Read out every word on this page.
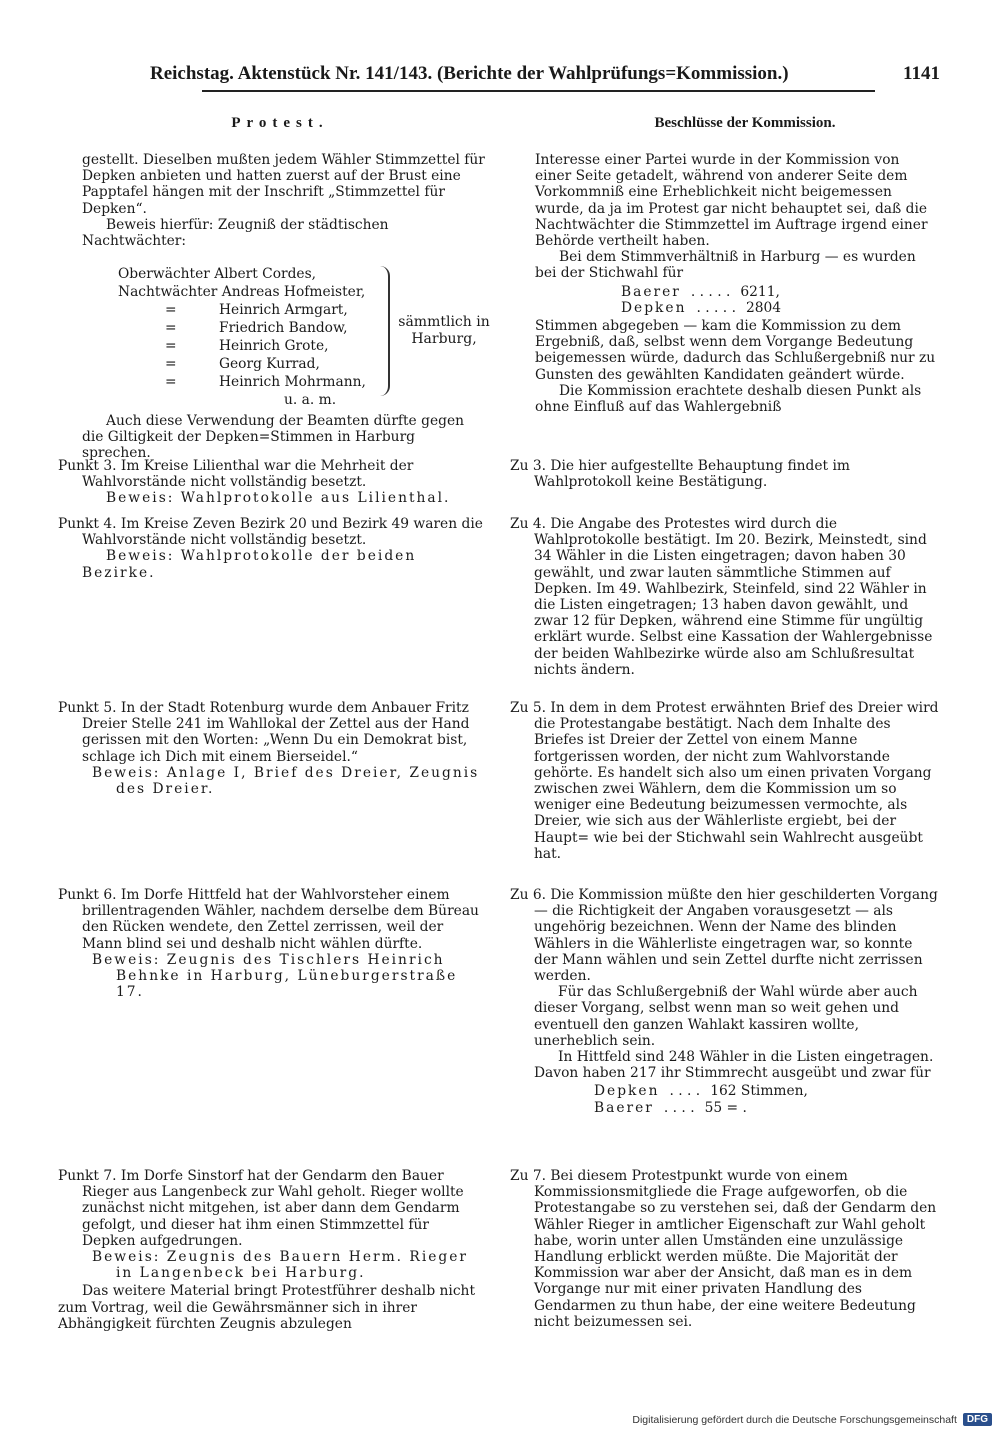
Reichstag. Aktenstück Nr. 141/143. (Berichte der Wahlprüfungs=Kommission.)	1141
Protest.	Beschlüsse der Kommission.

gestellt. Dieselben mußten jedem Wähler Stimmzettel für Depken anbieten und hatten zuerst auf der Brust eine Papptafel hängen mit der Inschrift „Stimmzettel für Depken“.

Beweis hierfür: Zeugniß der städtischen Nachtwächter:

Oberwächter Albert Cordes,
Nachtwächter Andreas Hofmeister,
=	Heinrich Armgart,
=	Friedrich Bandow,
=	Heinrich Grote,
=	Georg Kurrad,
=	Heinrich Mohrmann,
u. a. m.
sämmtlich in Harburg,

Auch diese Verwendung der Beamten dürfte gegen die Giltigkeit der Depken=Stimmen in Harburg sprechen.

Punkt 3. Im Kreise Lilienthal war die Mehrheit der Wahlvorstände nicht vollständig besetzt.

Beweis: Wahlprotokolle aus Lilienthal.

Punkt 4. Im Kreise Zeven Bezirk 20 und Bezirk 49 waren die Wahlvorstände nicht vollständig besetzt.

Beweis: Wahlprotokolle der beiden Bezirke.

Punkt 5. In der Stadt Rotenburg wurde dem Anbauer Fritz Dreier Stelle 241 im Wahllokal der Zettel aus der Hand gerissen mit den Worten: „Wenn Du ein Demokrat bist, schlage ich Dich mit einem Bierseidel.“

Beweis: Anlage I, Brief des Dreier, Zeugnis des Dreier.

Punkt 6. Im Dorfe Hittfeld hat der Wahlvorsteher einem brillentragenden Wähler, nachdem derselbe dem Büreau den Rücken wendete, den Zettel zerrissen, weil der Mann blind sei und deshalb nicht wählen dürfte.

Beweis: Zeugnis des Tischlers Heinrich Behnke in Harburg, Lüneburgerstraße 17.

Punkt 7. Im Dorfe Sinstorf hat der Gendarm den Bauer Rieger aus Langenbeck zur Wahl geholt. Rieger wollte zunächst nicht mitgehen, ist aber dann dem Gendarm gefolgt, und dieser hat ihm einen Stimmzettel für Depken aufgedrungen.

Beweis: Zeugnis des Bauern Herm. Rieger in Langenbeck bei Harburg.

Das weitere Material bringt Protestführer deshalb nicht zum Vortrag, weil die Gewährsmänner sich in ihrer Abhängigkeit fürchten Zeugnis abzulegen

Interesse einer Partei wurde in der Kommission von einer Seite getadelt, während von anderer Seite dem Vorkommniß eine Erheblichkeit nicht beigemessen wurde, da ja im Protest gar nicht behauptet sei, daß die Nachtwächter die Stimmzettel im Auftrage irgend einer Behörde vertheilt haben.

Bei dem Stimmverhältniß in Harburg — es wurden bei der Stichwahl für

Baerer . . . . . 6211,
Depken . . . . . 2804

Stimmen abgegeben — kam die Kommission zu dem Ergebniß, daß, selbst wenn dem Vorgange Bedeutung beigemessen würde, dadurch das Schlußergebniß nur zu Gunsten des gewählten Kandidaten geändert würde.

Die Kommission erachtete deshalb diesen Punkt als ohne Einfluß auf das Wahlergebniß

Zu 3. Die hier aufgestellte Behauptung findet im Wahlprotokoll keine Bestätigung.

Zu 4. Die Angabe des Protestes wird durch die Wahlprotokolle bestätigt. Im 20. Bezirk, Meinstedt, sind 34 Wähler in die Listen eingetragen; davon haben 30 gewählt, und zwar lauten sämmtliche Stimmen auf Depken. Im 49. Wahlbezirk, Steinfeld, sind 22 Wähler in die Listen eingetragen; 13 haben davon gewählt, und zwar 12 für Depken, während eine Stimme für ungültig erklärt wurde. Selbst eine Kassation der Wahlergebnisse der beiden Wahlbezirke würde also am Schlußresultat nichts ändern.

Zu 5. In dem in dem Protest erwähnten Brief des Dreier wird die Protestangabe bestätigt. Nach dem Inhalte des Briefes ist Dreier der Zettel von einem Manne fortgerissen worden, der nicht zum Wahlvorstande gehörte. Es handelt sich also um einen privaten Vorgang zwischen zwei Wählern, dem die Kommission um so weniger eine Bedeutung beizumessen vermochte, als Dreier, wie sich aus der Wählerliste ergiebt, bei der Haupt= wie bei der Stichwahl sein Wahlrecht ausgeübt hat.

Zu 6. Die Kommission müßte den hier geschilderten Vorgang — die Richtigkeit der Angaben vorausgesetzt — als ungehörig bezeichnen. Wenn der Name des blinden Wählers in die Wählerliste eingetragen war, so konnte der Mann wählen und sein Zettel durfte nicht zerrissen werden.

Für das Schlußergebniß der Wahl würde aber auch dieser Vorgang, selbst wenn man so weit gehen und eventuell den ganzen Wahlakt kassiren wollte, unerheblich sein.

In Hittfeld sind 248 Wähler in die Listen eingetragen. Davon haben 217 ihr Stimmrecht ausgeübt und zwar für

Depken . . . . 162 Stimmen,
Baerer . . . . 55 = .

Zu 7. Bei diesem Protestpunkt wurde von einem Kommissionsmitgliede die Frage aufgeworfen, ob die Protestangabe so zu verstehen sei, daß der Gendarm den Wähler Rieger in amtlicher Eigenschaft zur Wahl geholt habe, worin unter allen Umständen eine unzulässige Handlung erblickt werden müßte. Die Majorität der Kommission war aber der Ansicht, daß man es in dem Vorgange nur mit einer privaten Handlung des Gendarmen zu thun habe, der eine weitere Bedeutung nicht beizumessen sei.

Digitalisierung gefördert durch die Deutsche Forschungsgemeinschaft	DFG
